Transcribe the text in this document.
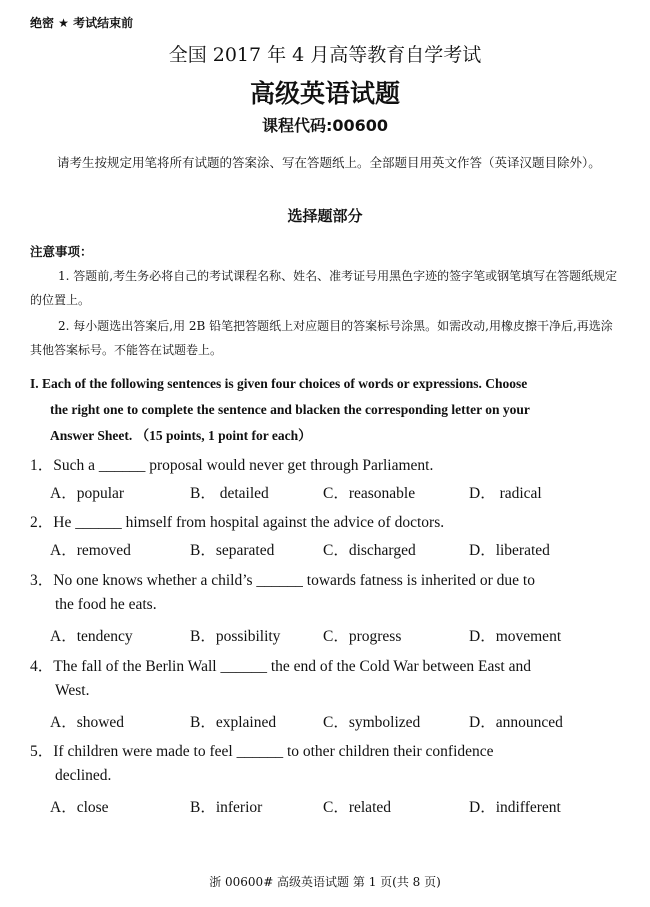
绝密 ★ 考试结束前
全国 2017 年 4 月高等教育自学考试
高级英语试题
课程代码:00600
请考生按规定用笔将所有试题的答案涂、写在答题纸上。全部题目用英文作答（英译汉题目除外）。
选择题部分
注意事项：
1. 答题前,考生务必将自己的考试课程名称、姓名、准考证号用黑色字迹的签字笔或钢笔填写在答题纸规定的位置上。
2. 每小题选出答案后,用 2B 铅笔把答题纸上对应题目的答案标号涂黑。如需改动,用橡皮擦干净后,再选涂其他答案标号。不能答在试题卷上。
I. Each of the following sentences is given four choices of words or expressions. Choose
the right one to complete the sentence and blacken the corresponding letter on your
Answer Sheet. （15 points, 1 point for each）
1．Such a ______ proposal would never get through Parliament.
A．popular	B． detailed	C．reasonable	D． radical
2．He ______ himself from hospital against the advice of doctors.
A．removed	B．separated	C．discharged	D．liberated
3．No one knows whether a child’s ______ towards fatness is inherited or due to
the food he eats.
A．tendency	B．possibility	C．progress	D．movement
4．The fall of the Berlin Wall ______ the end of the Cold War between East and
West.
A．showed	B．explained	C．symbolized	D．announced
5．If children were made to feel ______ to other children their confidence
declined.
A．close	B．inferior	C．related	D．indifferent
浙 00600# 高级英语试题 第 1 页(共 8 页)
